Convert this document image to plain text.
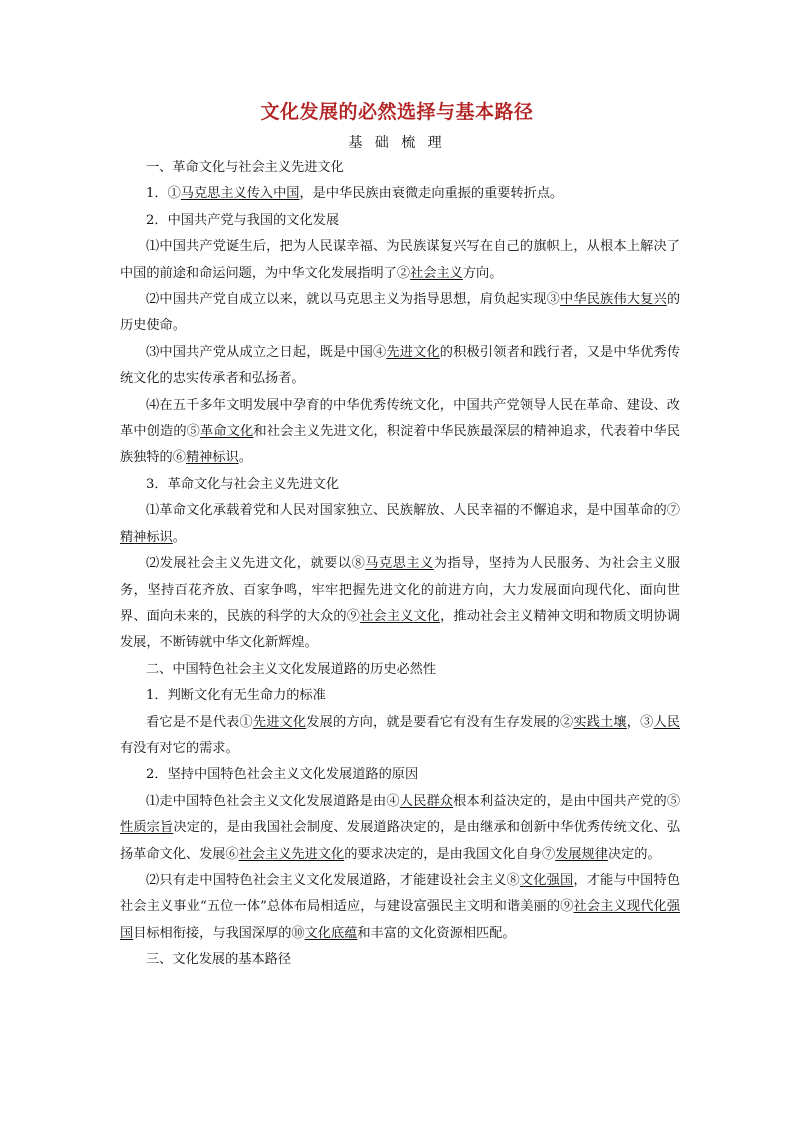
文化发展的必然选择与基本路径
基 础 梳 理

一、革命文化与社会主义先进文化

1．①马克思主义传入中国，是中华民族由衰微走向重振的重要转折点。

2．中国共产党与我国的文化发展

⑴中国共产党诞生后，把为人民谋幸福、为民族谋复兴写在自己的旗帜上，从根本上解决了中国的前途和命运问题，为中华文化发展指明了②社会主义方向。

⑵中国共产党自成立以来，就以马克思主义为指导思想，肩负起实现③中华民族伟大复兴的历史使命。

⑶中国共产党从成立之日起，既是中国④先进文化的积极引领者和践行者，又是中华优秀传统文化的忠实传承者和弘扬者。

⑷在五千多年文明发展中孕育的中华优秀传统文化，中国共产党领导人民在革命、建设、改革中创造的⑤革命文化和社会主义先进文化，积淀着中华民族最深层的精神追求，代表着中华民族独特的⑥精神标识。

3．革命文化与社会主义先进文化

⑴革命文化承载着党和人民对国家独立、民族解放、人民幸福的不懈追求，是中国革命的⑦精神标识。

⑵发展社会主义先进文化，就要以⑧马克思主义为指导，坚持为人民服务、为社会主义服务，坚持百花齐放、百家争鸣，牢牢把握先进文化的前进方向，大力发展面向现代化、面向世界、面向未来的，民族的科学的大众的⑨社会主义文化，推动社会主义精神文明和物质文明协调发展，不断铸就中华文化新辉煌。

二、中国特色社会主义文化发展道路的历史必然性

1．判断文化有无生命力的标准

看它是不是代表①先进文化发展的方向，就是要看它有没有生存发展的②实践土壤，③人民有没有对它的需求。

2．坚持中国特色社会主义文化发展道路的原因

⑴走中国特色社会主义文化发展道路是由④人民群众根本利益决定的，是由中国共产党的⑤性质宗旨决定的，是由我国社会制度、发展道路决定的，是由继承和创新中华优秀传统文化、弘扬革命文化、发展⑥社会主义先进文化的要求决定的，是由我国文化自身⑦发展规律决定的。

⑵只有走中国特色社会主义文化发展道路，才能建设社会主义⑧文化强国，才能与中国特色社会主义事业“五位一体”总体布局相适应，与建设富强民主文明和谐美丽的⑨社会主义现代化强国目标相衔接，与我国深厚的⑩文化底蕴和丰富的文化资源相匹配。

三、文化发展的基本路径
